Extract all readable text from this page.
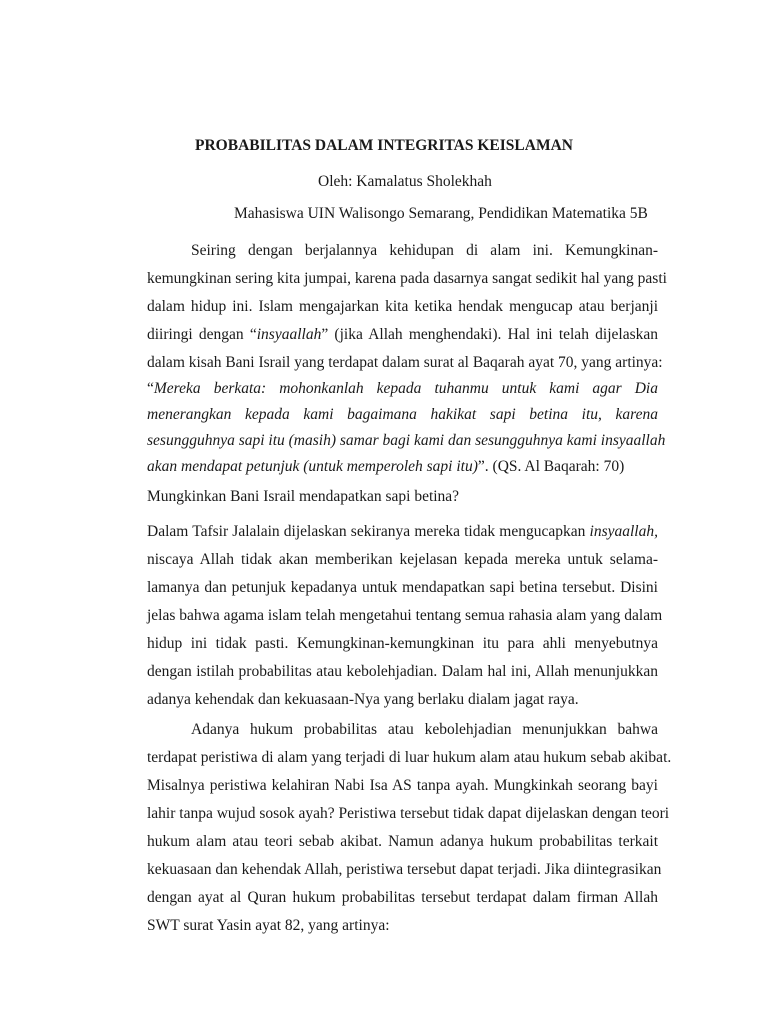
PROBABILITAS DALAM INTEGRITAS KEISLAMAN
Oleh: Kamalatus Sholekhah
Mahasiswa UIN Walisongo Semarang, Pendidikan Matematika 5B
Seiring dengan berjalannya kehidupan di alam ini. Kemungkinan-
kemungkinan sering kita jumpai, karena pada dasarnya sangat sedikit hal yang pasti
dalam hidup ini. Islam mengajarkan kita ketika hendak mengucap atau berjanji
diiringi dengan “insyaallah” (jika Allah menghendaki). Hal ini telah dijelaskan
dalam kisah Bani Israil yang terdapat dalam surat al Baqarah ayat 70, yang artinya:
“Mereka berkata: mohonkanlah kepada tuhanmu untuk kami agar Dia
menerangkan kepada kami bagaimana hakikat sapi betina itu, karena
sesungguhnya sapi itu (masih) samar bagi kami dan sesungguhnya kami insyaallah
akan mendapat petunjuk (untuk memperoleh sapi itu)”. (QS. Al Baqarah: 70)
Mungkinkan Bani Israil mendapatkan sapi betina?
Dalam Tafsir Jalalain dijelaskan sekiranya mereka tidak mengucapkan insyaallah,
niscaya Allah tidak akan memberikan kejelasan kepada mereka untuk selama-
lamanya dan petunjuk kepadanya untuk mendapatkan sapi betina tersebut. Disini
jelas bahwa agama islam telah mengetahui tentang semua rahasia alam yang dalam
hidup ini tidak pasti. Kemungkinan-kemungkinan itu para ahli menyebutnya
dengan istilah probabilitas atau kebolehjadian. Dalam hal ini, Allah menunjukkan
adanya kehendak dan kekuasaan-Nya yang berlaku dialam jagat raya.
Adanya hukum probabilitas atau kebolehjadian menunjukkan bahwa
terdapat peristiwa di alam yang terjadi di luar hukum alam atau hukum sebab akibat.
Misalnya peristiwa kelahiran Nabi Isa AS tanpa ayah. Mungkinkah seorang bayi
lahir tanpa wujud sosok ayah? Peristiwa tersebut tidak dapat dijelaskan dengan teori
hukum alam atau teori sebab akibat. Namun adanya hukum probabilitas terkait
kekuasaan dan kehendak Allah, peristiwa tersebut dapat terjadi. Jika diintegrasikan
dengan ayat al Quran hukum probabilitas tersebut terdapat dalam firman Allah
SWT surat Yasin ayat 82, yang artinya:
